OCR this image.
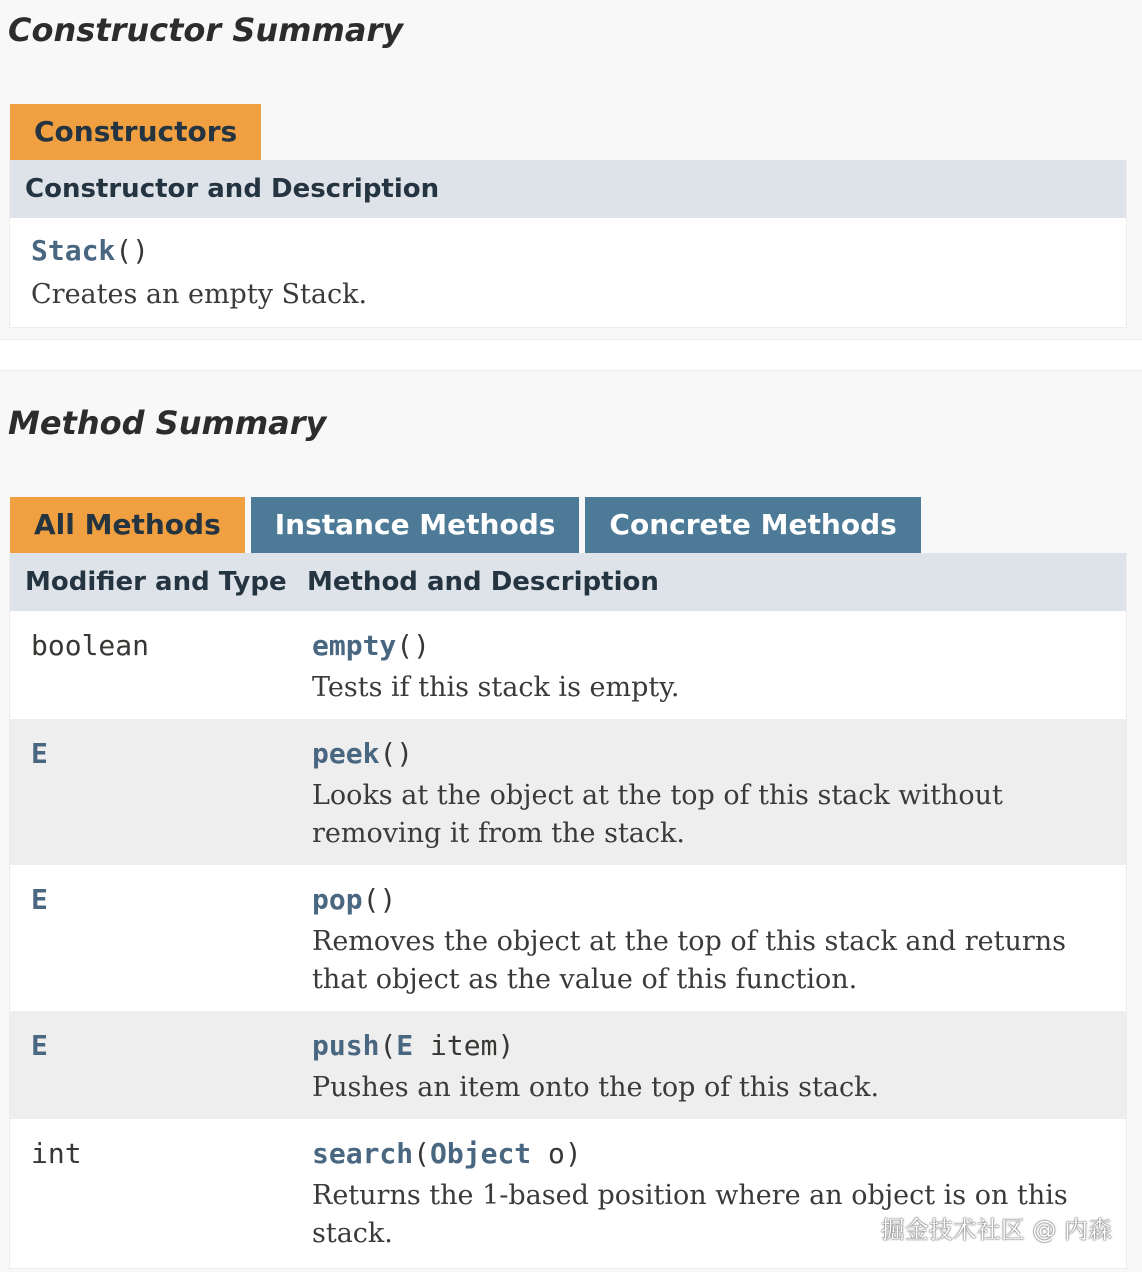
Constructor Summary
Constructors
Constructor and Description
Stack()
Creates an empty Stack.
Method Summary
All Methods	Instance Methods	Concrete Methods
Modifier and Type Method and Description
boolean	empty()
Tests if this stack is empty.
E	peek()
Looks at the object at the top of this stack without removing it from the stack.
E	pop()
Removes the object at the top of this stack and returns that object as the value of this function.
E	push(E item)
Pushes an item onto the top of this stack.
int	search(Object o)
Returns the 1-based position where an object is on this stack.	掘金技术社区 @ 内森
